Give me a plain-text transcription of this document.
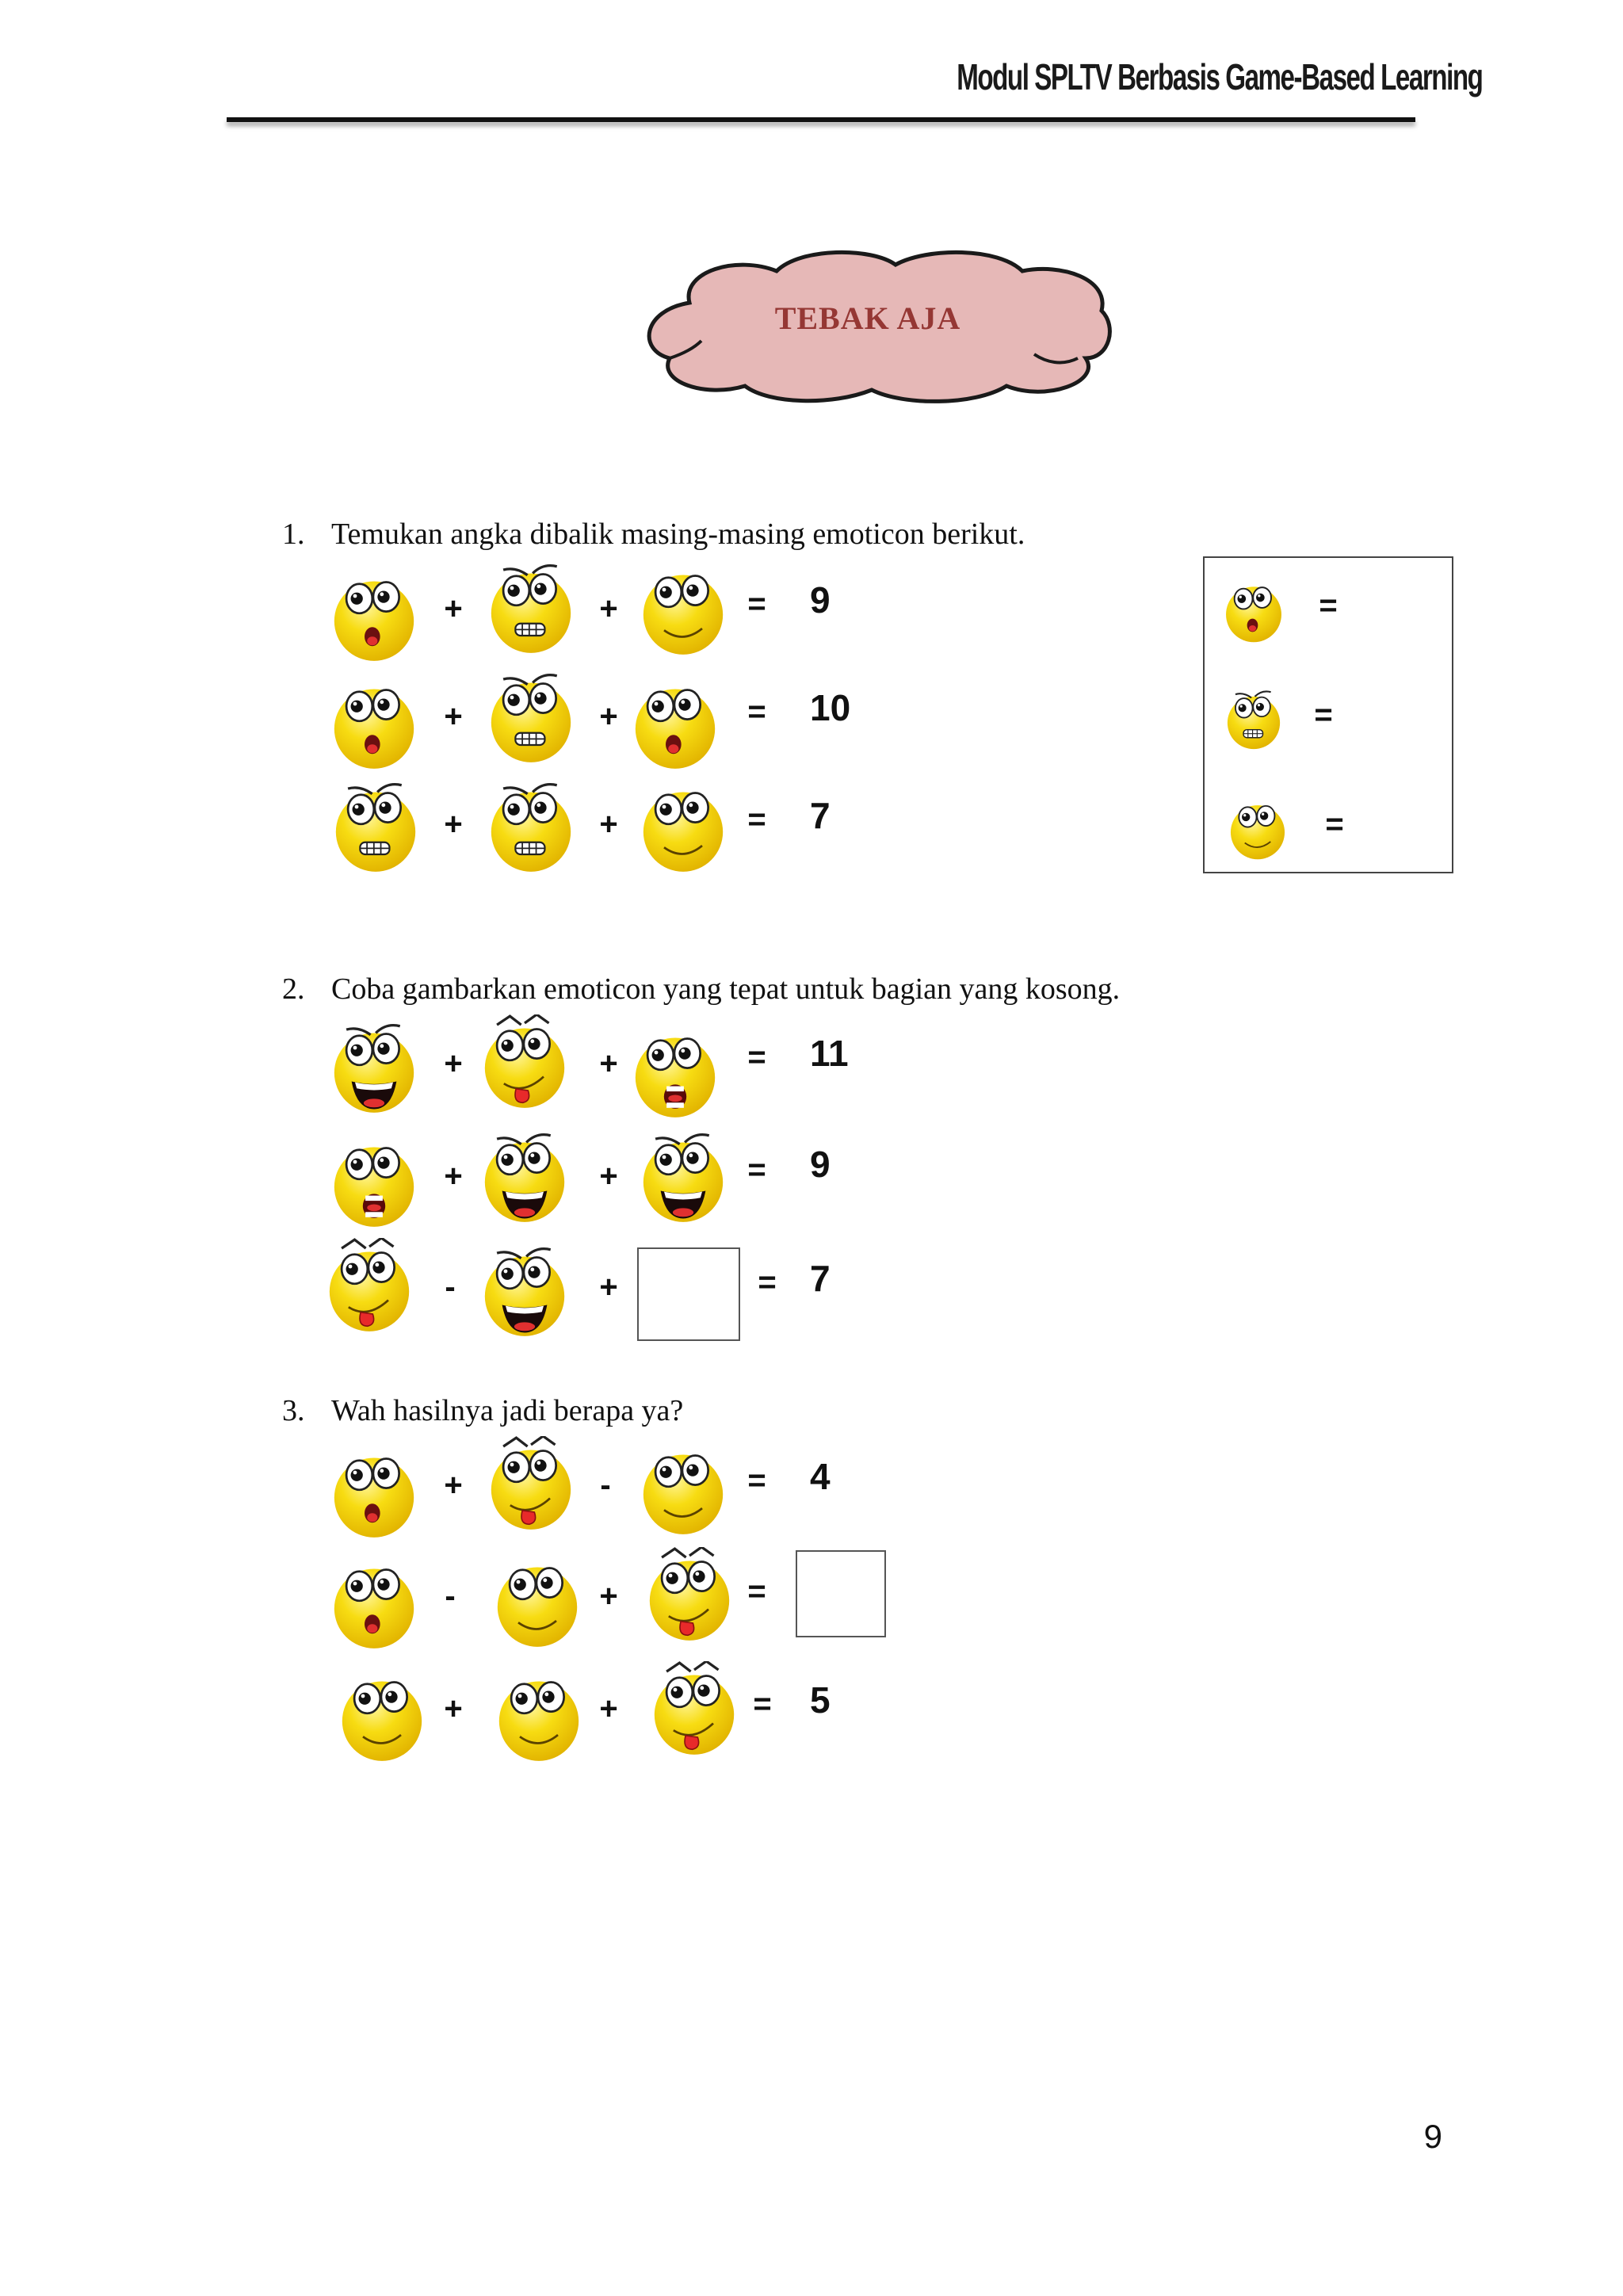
Modul SPLTV Berbasis Game-Based Learning
TEBAK AJA
1. Temukan angka dibalik masing-masing emoticon berikut.
+	+	= 9
+	+	= 10
+	+	= 7
=
=
=
2. Coba gambarkan emoticon yang tepat untuk bagian yang kosong.
+	+	= 11
+	+	= 9
-	+	= 7
3. Wah hasilnya jadi berapa ya?
+	-	= 4
-	+	=
+	+	= 5
9
